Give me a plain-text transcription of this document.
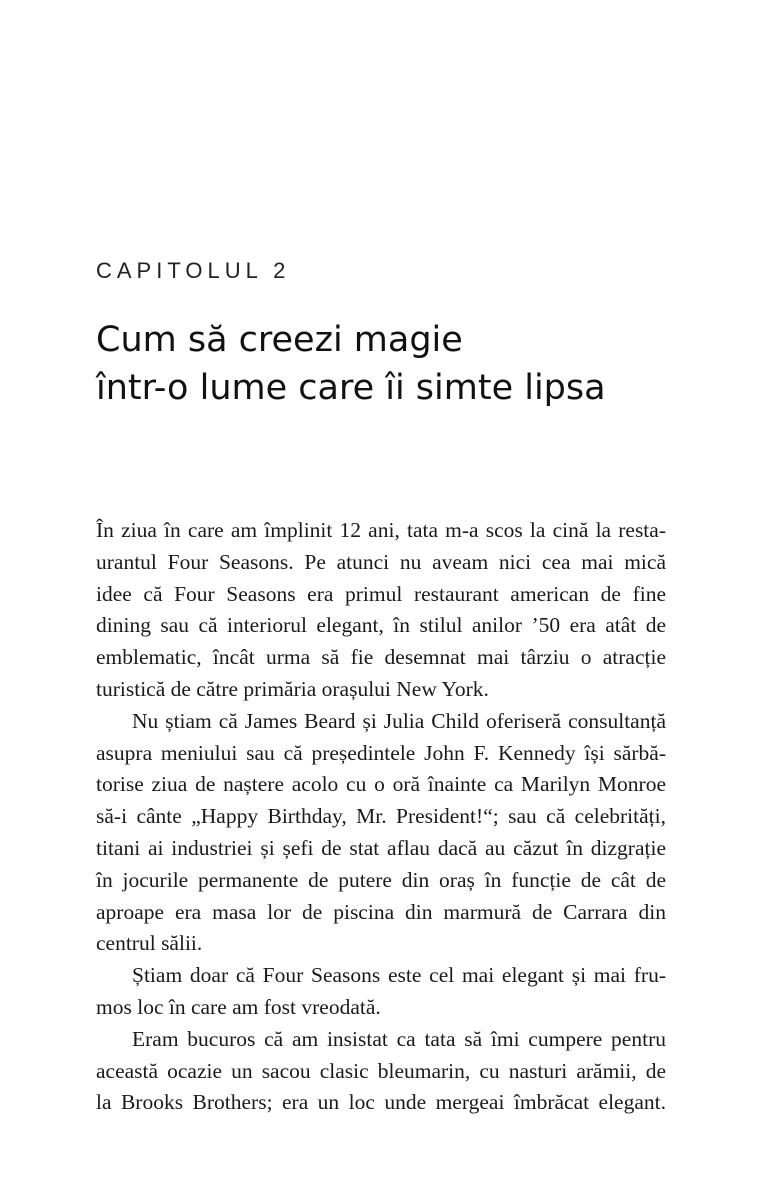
CAPITOLUL 2
Cum să creezi magie
într-o lume care îi simte lipsa

În ziua în care am împlinit 12 ani, tata m-a scos la cină la resta-
urantul Four Seasons. Pe atunci nu aveam nici cea mai mică
idee că Four Seasons era primul restaurant american de fine
dining sau că interiorul elegant, în stilul anilor ’50 era atât de
emblematic, încât urma să fie desemnat mai târziu o atracție
turistică de către primăria orașului New York.

Nu știam că James Beard și Julia Child oferiseră consultanță
asupra meniului sau că președintele John F. Kennedy își sărbă-
torise ziua de naștere acolo cu o oră înainte ca Marilyn Monroe
să-i cânte „Happy Birthday, Mr. President!“; sau că celebrități,
titani ai industriei și șefi de stat aflau dacă au căzut în dizgrație
în jocurile permanente de putere din oraș în funcție de cât de
aproape era masa lor de piscina din marmură de Carrara din
centrul sălii.

Știam doar că Four Seasons este cel mai elegant și mai fru-
mos loc în care am fost vreodată.

Eram bucuros că am insistat ca tata să îmi cumpere pentru
această ocazie un sacou clasic bleumarin, cu nasturi arămii, de
la Brooks Brothers; era un loc unde mergeai îmbrăcat elegant.
